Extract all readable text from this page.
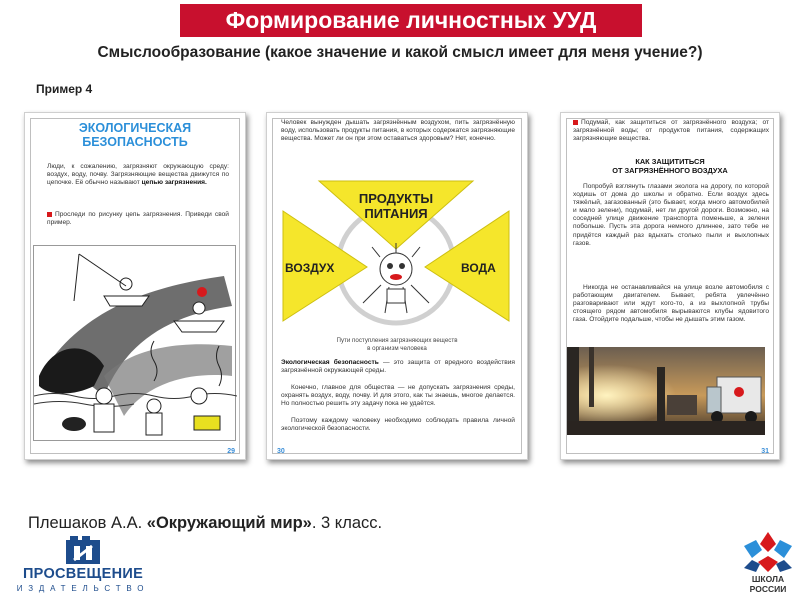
Формирование личностных УУД
Смыслообразование (какое значение и какой смысл имеет для меня учение?)
Пример 4
ЭКОЛОГИЧЕСКАЯ
БЕЗОПАСНОСТЬ
Люди, к сожалению, загрязняют окружающую среду: воздух, воду, почву. Загрязняющие вещества движутся по цепочке. Её обычно называют цепью загрязнения.
Проследи по рисунку цепь загрязнения. Приведи свой пример.
29
Человек вынужден дышать загрязнённым воздухом, пить загрязнённую воду, использовать продукты питания, в которых содержатся загрязняющие вещества. Может ли он при этом оставаться здоровым? Нет, конечно.
ПРОДУКТЫ
ПИТАНИЯ
ВОЗДУХ	ВОДА
Пути поступления загрязняющих веществ
в организм человека
Экологическая безопасность — это защита от вредного воздействия загрязнённой окружающей среды.
Конечно, главное для общества — не допускать загрязнения среды, охранять воздух, воду, почву. И для этого, как ты знаешь, многое делается. Но полностью решить эту задачу пока не удаётся.
Поэтому каждому человеку необходимо соблюдать правила личной экологической безопасности.
30
Подумай, как защититься от загрязнённого воздуха; от загрязнённой воды; от продуктов питания, содержащих загрязняющие вещества.
КАК ЗАЩИТИТЬСЯ
ОТ ЗАГРЯЗНЁННОГО ВОЗДУХА
Попробуй взглянуть глазами эколога на дорогу, по которой ходишь от дома до школы и обратно. Если воздух здесь тяжёлый, загазованный (это бывает, когда много автомобилей и мало зелени), подумай, нет ли другой дороги. Возможно, на соседней улице движение транспорта поменьше, а зелени побольше. Пусть эта дорога немного длиннее, зато тебе не придётся каждый раз вдыхать столько пыли и выхлопных газов.
Никогда не останавливайся на улице возле автомобиля с работающим двигателем. Бывает, ребята увлечённо разговаривают или ждут кого-то, а из выхлопной трубы стоящего рядом автомобиля вырываются клубы ядовитого газа. Отойдите подальше, чтобы не дышать этим газом.
31
Плешаков А.А. «Окружающий мир». 3 класс.
ПРОСВЕЩЕНИЕ
ИЗДАТЕЛЬСТВО
ШКОЛА
РОССИИ
